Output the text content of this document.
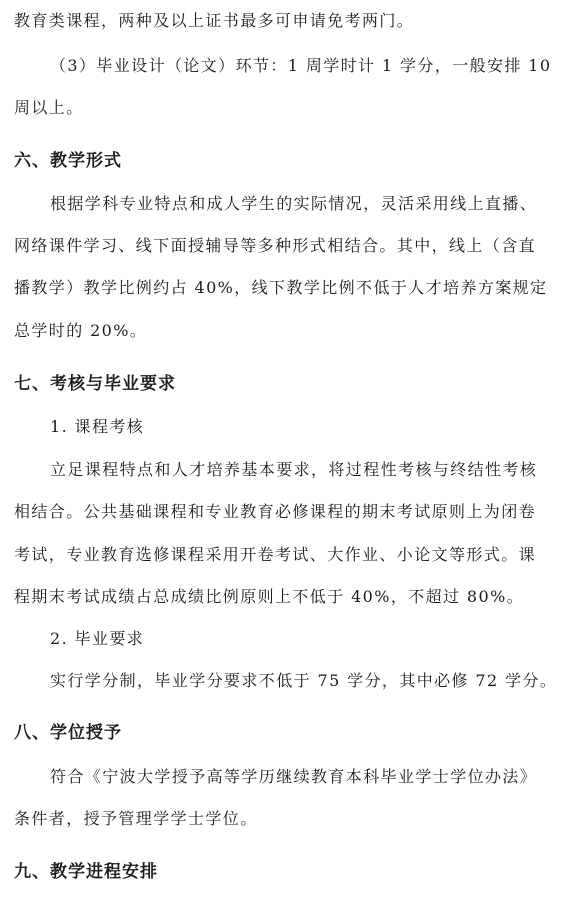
教育类课程，两种及以上证书最多可申请免考两门。
（3）毕业设计（论文）环节：1 周学时计 1 学分，一般安排 10
周以上。
六、教学形式
根据学科专业特点和成人学生的实际情况，灵活采用线上直播、
网络课件学习、线下面授辅导等多种形式相结合。其中，线上（含直
播教学）教学比例约占 40%，线下教学比例不低于人才培养方案规定
总学时的 20%。
七、考核与毕业要求
1. 课程考核
立足课程特点和人才培养基本要求，将过程性考核与终结性考核
相结合。公共基础课程和专业教育必修课程的期末考试原则上为闭卷
考试，专业教育选修课程采用开卷考试、大作业、小论文等形式。课
程期末考试成绩占总成绩比例原则上不低于 40%，不超过 80%。
2. 毕业要求
实行学分制，毕业学分要求不低于 75 学分，其中必修 72 学分。
八、学位授予
符合《宁波大学授予高等学历继续教育本科毕业学士学位办法》
条件者，授予管理学学士学位。
九、教学进程安排
